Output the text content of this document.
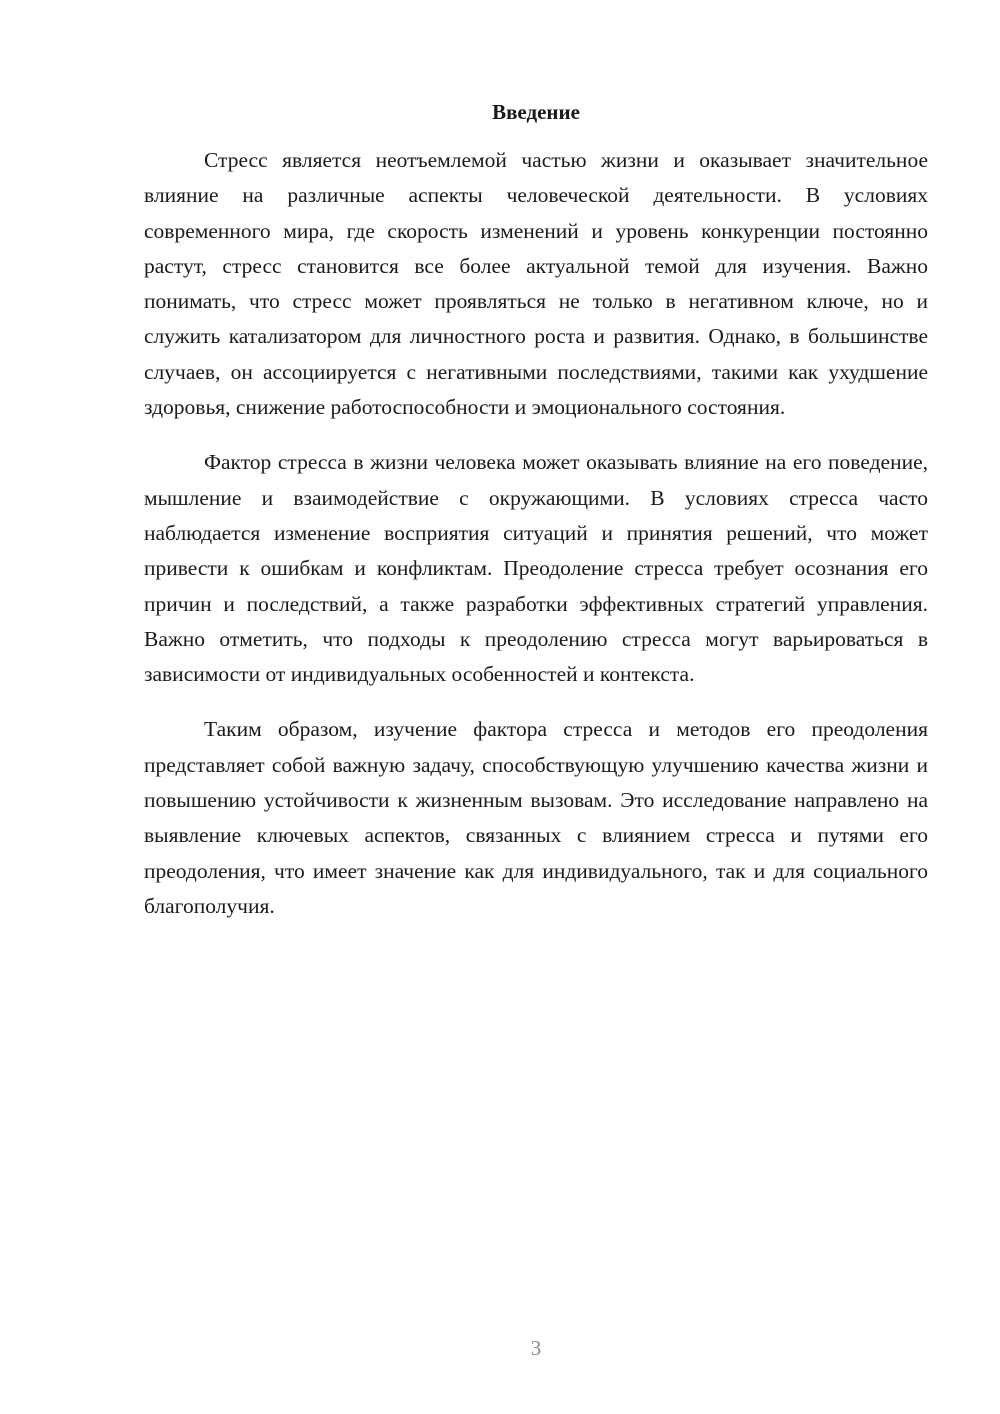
Введение

Стресс является неотъемлемой частью жизни и оказывает значительное влияние на различные аспекты человеческой деятельности. В условиях современного мира, где скорость изменений и уровень конкуренции постоянно растут, стресс становится все более актуальной темой для изучения. Важно понимать, что стресс может проявляться не только в негативном ключе, но и служить катализатором для личностного роста и развития. Однако, в большинстве случаев, он ассоциируется с негативными последствиями, такими как ухудшение здоровья, снижение работоспособности и эмоционального состояния.

Фактор стресса в жизни человека может оказывать влияние на его поведение, мышление и взаимодействие с окружающими. В условиях стресса часто наблюдается изменение восприятия ситуаций и принятия решений, что может привести к ошибкам и конфликтам. Преодоление стресса требует осознания его причин и последствий, а также разработки эффективных стратегий управления. Важно отметить, что подходы к преодолению стресса могут варьироваться в зависимости от индивидуальных особенностей и контекста.

Таким образом, изучение фактора стресса и методов его преодоления представляет собой важную задачу, способствующую улучшению качества жизни и повышению устойчивости к жизненным вызовам. Это исследование направлено на выявление ключевых аспектов, связанных с влиянием стресса и путями его преодоления, что имеет значение как для индивидуального, так и для социального благополучия.

3
